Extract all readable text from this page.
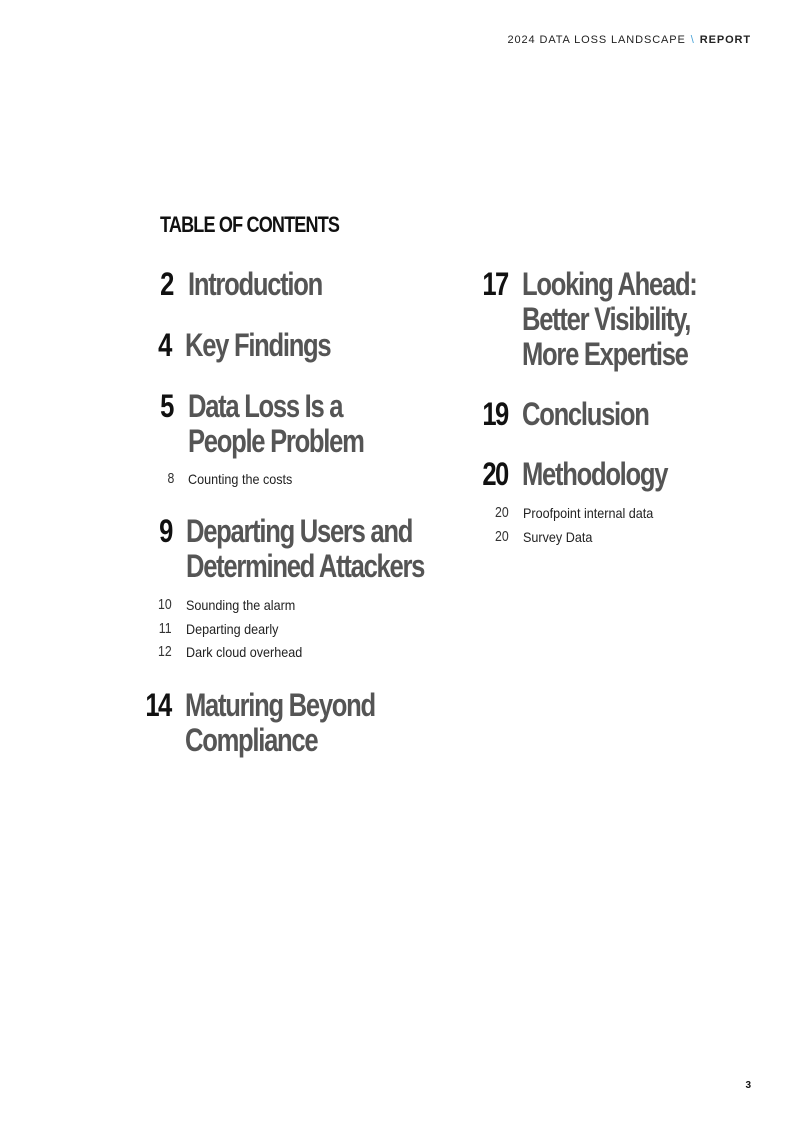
2024 DATA LOSS LANDSCAPE \ REPORT
TABLE OF CONTENTS
2 Introduction
4 Key Findings
5 Data Loss Is a
People Problem
8 Counting the costs
9 Departing Users and
Determined Attackers
10 Sounding the alarm
11 Departing dearly
12 Dark cloud overhead
14 Maturing Beyond
Compliance
17 Looking Ahead:
Better Visibility,
More Expertise
19 Conclusion
20 Methodology
20 Proofpoint internal data
20 Survey Data
3
